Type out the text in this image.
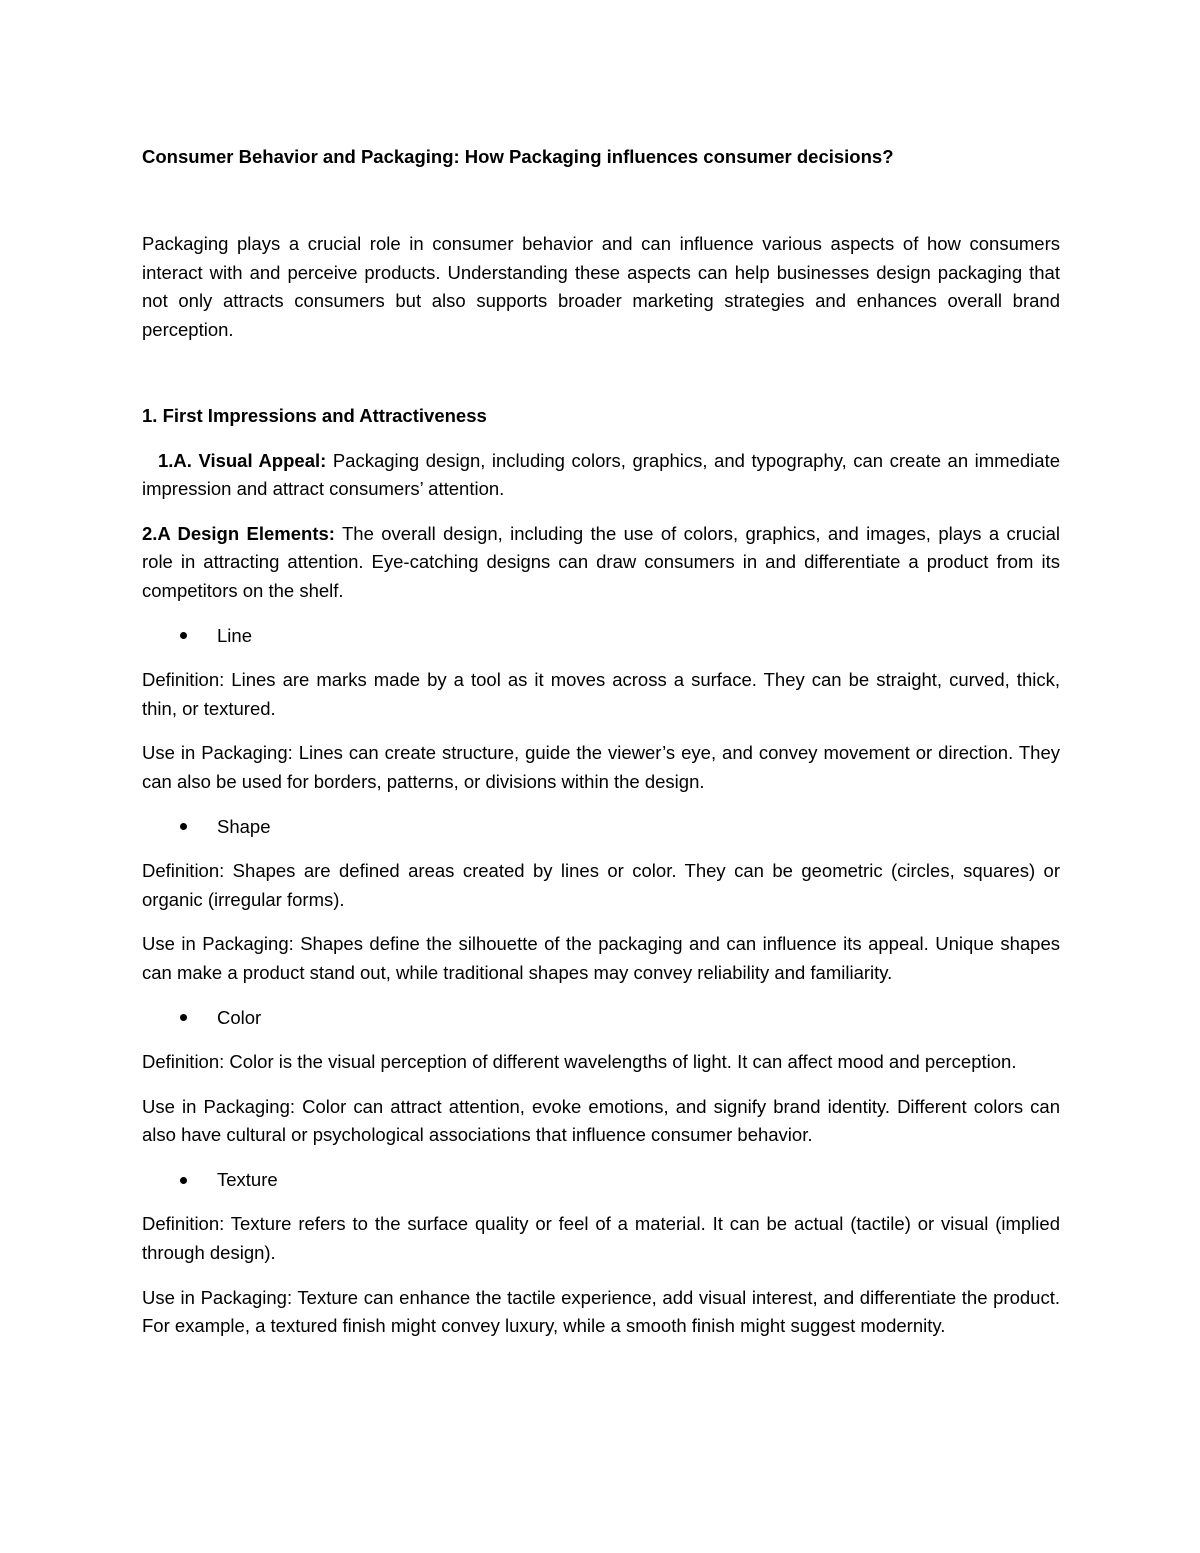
Consumer Behavior and Packaging: How Packaging influences consumer decisions?

Packaging plays a crucial role in consumer behavior and can influence various aspects of how consumers interact with and perceive products. Understanding these aspects can help businesses design packaging that not only attracts consumers but also supports broader marketing strategies and enhances overall brand perception.

1. First Impressions and Attractiveness

1.A. Visual Appeal: Packaging design, including colors, graphics, and typography, can create an immediate impression and attract consumers’ attention.

2.A Design Elements: The overall design, including the use of colors, graphics, and images, plays a crucial role in attracting attention. Eye-catching designs can draw consumers in and differentiate a product from its competitors on the shelf.

Line

Definition: Lines are marks made by a tool as it moves across a surface. They can be straight, curved, thick, thin, or textured.

Use in Packaging: Lines can create structure, guide the viewer’s eye, and convey movement or direction. They can also be used for borders, patterns, or divisions within the design.

Shape

Definition: Shapes are defined areas created by lines or color. They can be geometric (circles, squares) or organic (irregular forms).

Use in Packaging: Shapes define the silhouette of the packaging and can influence its appeal. Unique shapes can make a product stand out, while traditional shapes may convey reliability and familiarity.

Color

Definition: Color is the visual perception of different wavelengths of light. It can affect mood and perception.

Use in Packaging: Color can attract attention, evoke emotions, and signify brand identity. Different colors can also have cultural or psychological associations that influence consumer behavior.

Texture

Definition: Texture refers to the surface quality or feel of a material. It can be actual (tactile) or visual (implied through design).

Use in Packaging: Texture can enhance the tactile experience, add visual interest, and differentiate the product. For example, a textured finish might convey luxury, while a smooth finish might suggest modernity.
